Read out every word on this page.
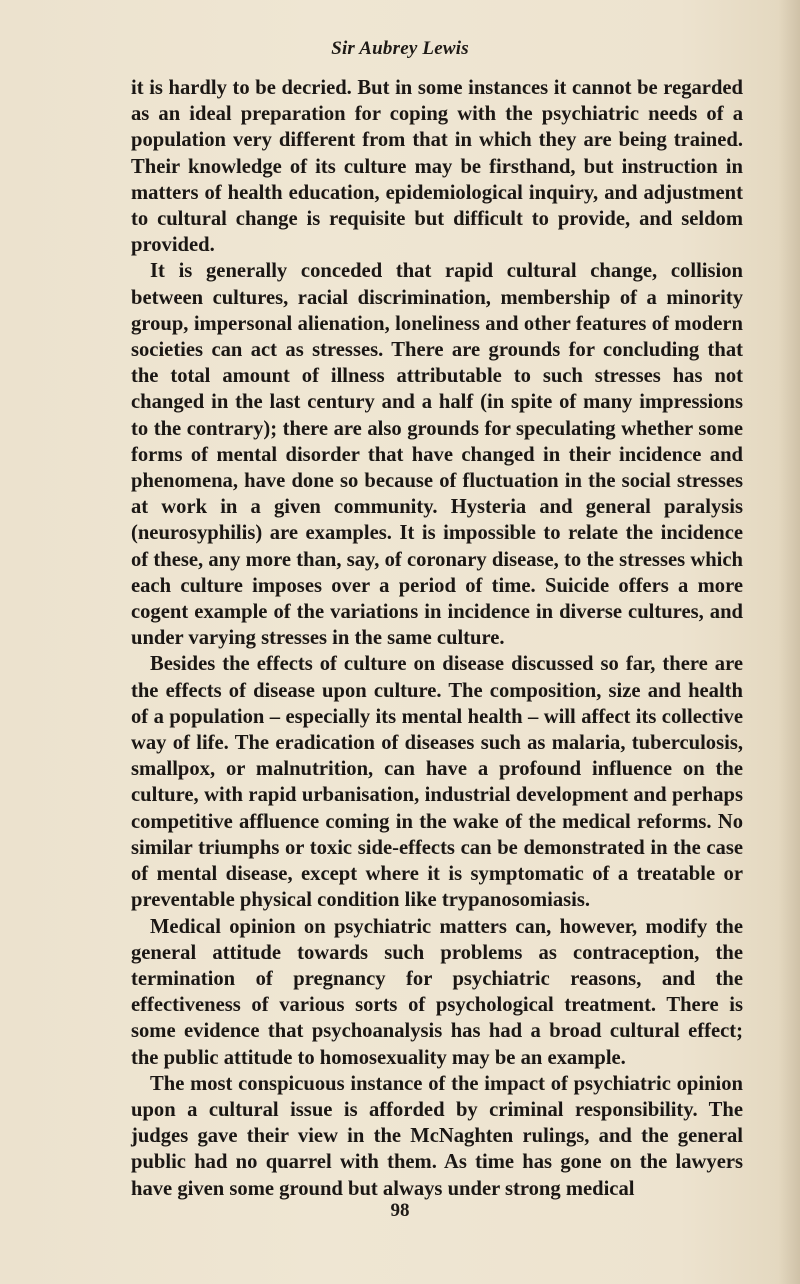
Sir Aubrey Lewis

it is hardly to be decried. But in some instances it cannot be regarded as an ideal preparation for coping with the psychiatric needs of a population very different from that in which they are being trained. Their knowledge of its culture may be firsthand, but instruction in matters of health education, epidemiological inquiry, and adjustment to cultural change is requisite but difficult to provide, and seldom provided.

It is generally conceded that rapid cultural change, collision between cultures, racial discrimination, membership of a minority group, impersonal alienation, loneliness and other features of modern societies can act as stresses. There are grounds for concluding that the total amount of illness attributable to such stresses has not changed in the last century and a half (in spite of many impressions to the contrary); there are also grounds for speculating whether some forms of mental disorder that have changed in their incidence and phenomena, have done so because of fluctuation in the social stresses at work in a given community. Hysteria and general paralysis (neurosyphilis) are examples. It is impossible to relate the incidence of these, any more than, say, of coronary disease, to the stresses which each culture imposes over a period of time. Suicide offers a more cogent example of the variations in incidence in diverse cultures, and under varying stresses in the same culture.

Besides the effects of culture on disease discussed so far, there are the effects of disease upon culture. The composition, size and health of a population – especially its mental health – will affect its collective way of life. The eradication of diseases such as malaria, tuberculosis, smallpox, or malnutrition, can have a profound influence on the culture, with rapid urbanisation, industrial development and perhaps competitive affluence coming in the wake of the medical reforms. No similar triumphs or toxic side-effects can be demonstrated in the case of mental disease, except where it is symptomatic of a treatable or preventable physical condition like trypanosomiasis.

Medical opinion on psychiatric matters can, however, modify the general attitude towards such problems as contraception, the termination of pregnancy for psychiatric reasons, and the effectiveness of various sorts of psychological treatment. There is some evidence that psychoanalysis has had a broad cultural effect; the public attitude to homosexuality may be an example.

The most conspicuous instance of the impact of psychiatric opinion upon a cultural issue is afforded by criminal responsibility. The judges gave their view in the McNaghten rulings, and the general public had no quarrel with them. As time has gone on the lawyers have given some ground but always under strong medical

98
